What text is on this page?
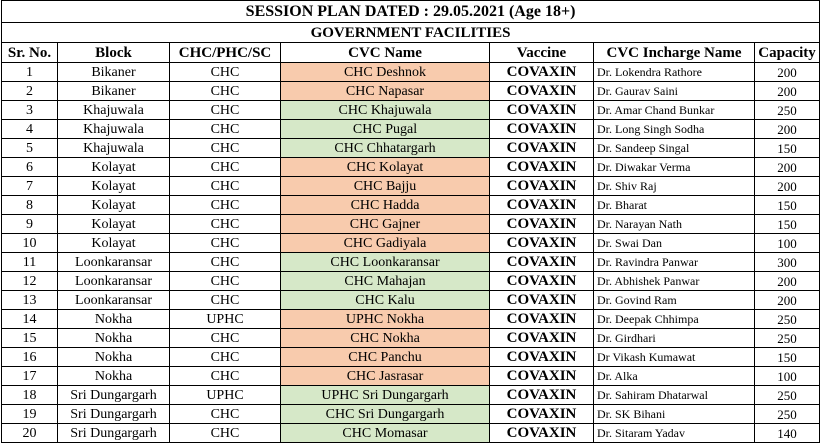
SESSION PLAN DATED : 29.05.2021 (Age 18+)						
GOVERNMENT FACILITIES						
Sr. No.	Block	CHC/PHC/SC	CVC Name	Vaccine	CVC Incharge Name	Capacity
1	Bikaner	CHC	CHC Deshnok	COVAXIN	Dr. Lokendra Rathore	200
2	Bikaner	CHC	CHC Napasar	COVAXIN	Dr. Gaurav Saini	200
3	Khajuwala	CHC	CHC Khajuwala	COVAXIN	Dr. Amar Chand Bunkar	250
4	Khajuwala	CHC	CHC Pugal	COVAXIN	Dr. Long Singh Sodha	200
5	Khajuwala	CHC	CHC Chhatargarh	COVAXIN	Dr. Sandeep Singal	150
6	Kolayat	CHC	CHC Kolayat	COVAXIN	Dr. Diwakar Verma	200
7	Kolayat	CHC	CHC Bajju	COVAXIN	Dr. Shiv Raj	200
8	Kolayat	CHC	CHC Hadda	COVAXIN	Dr. Bharat	150
9	Kolayat	CHC	CHC Gajner	COVAXIN	Dr. Narayan Nath	150
10	Kolayat	CHC	CHC Gadiyala	COVAXIN	Dr. Swai Dan	100
11	Loonkaransar	CHC	CHC Loonkaransar	COVAXIN	Dr. Ravindra Panwar	300
12	Loonkaransar	CHC	CHC Mahajan	COVAXIN	Dr. Abhishek Panwar	200
13	Loonkaransar	CHC	CHC Kalu	COVAXIN	Dr. Govind Ram	200
14	Nokha	UPHC	UPHC Nokha	COVAXIN	Dr. Deepak Chhimpa	250
15	Nokha	CHC	CHC Nokha	COVAXIN	Dr. Girdhari	250
16	Nokha	CHC	CHC Panchu	COVAXIN	Dr Vikash Kumawat	150
17	Nokha	CHC	CHC Jasrasar	COVAXIN	Dr. Alka	100
18	Sri Dungargarh	UPHC	UPHC Sri Dungargarh	COVAXIN	Dr. Sahiram Dhatarwal	250
19	Sri Dungargarh	CHC	CHC Sri Dungargarh	COVAXIN	Dr. SK Bihani	250
20	Sri Dungargarh	CHC	CHC Momasar	COVAXIN	Dr. Sitaram Yadav	140
